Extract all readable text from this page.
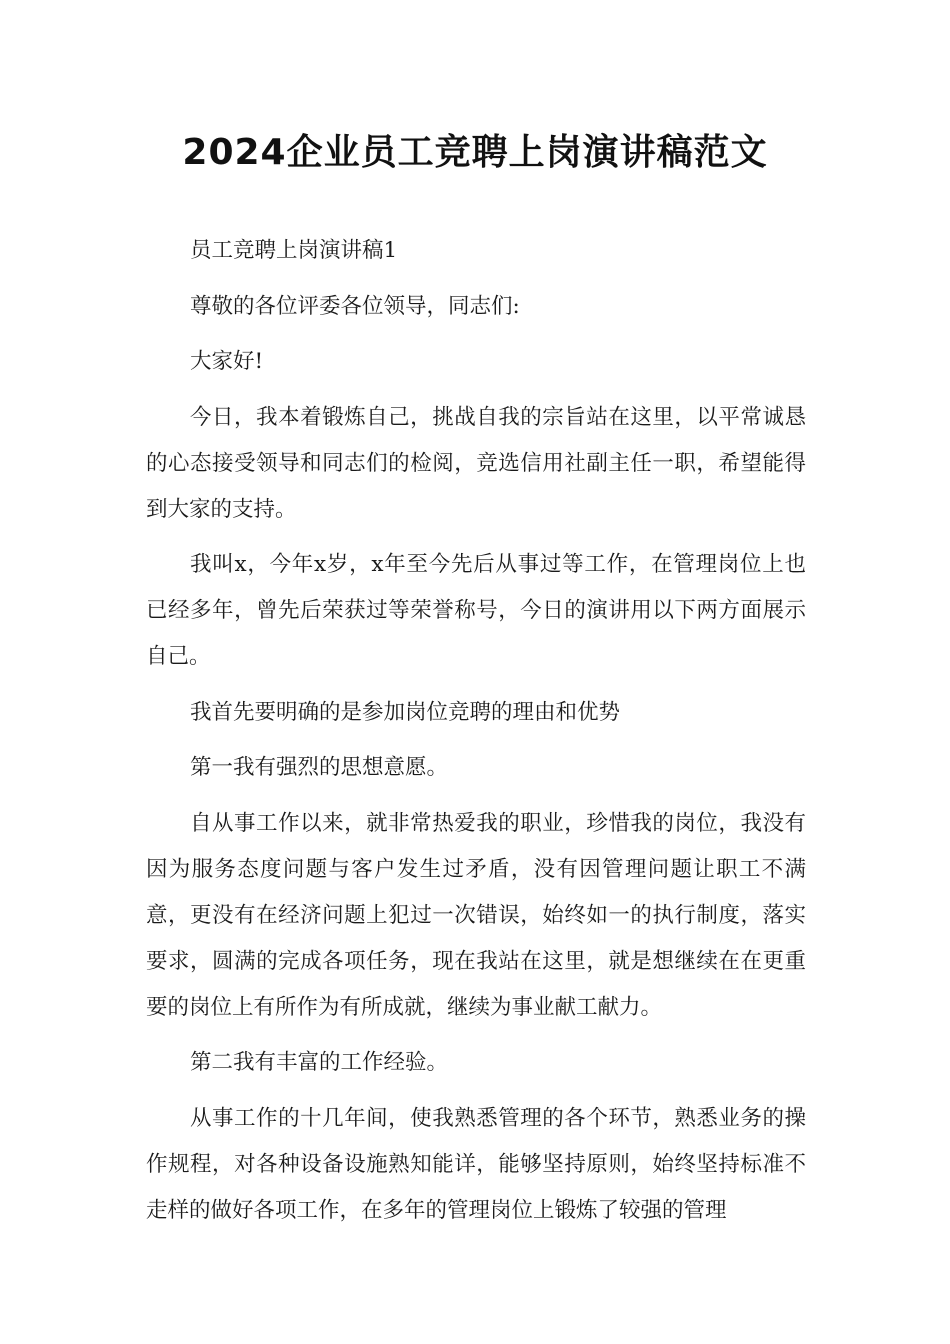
2024企业员工竞聘上岗演讲稿范文

员工竞聘上岗演讲稿1

尊敬的各位评委各位领导，同志们:

大家好!

今日，我本着锻炼自己，挑战自我的宗旨站在这里，以平常诚恳的心态接受领导和同志们的检阅，竞选信用社副主任一职，希望能得到大家的支持。

我叫x，今年x岁，x年至今先后从事过等工作，在管理岗位上也已经多年，曾先后荣获过等荣誉称号，今日的演讲用以下两方面展示自己。

我首先要明确的是参加岗位竞聘的理由和优势

第一我有强烈的思想意愿。

自从事工作以来，就非常热爱我的职业，珍惜我的岗位，我没有因为服务态度问题与客户发生过矛盾，没有因管理问题让职工不满意，更没有在经济问题上犯过一次错误，始终如一的执行制度，落实要求，圆满的完成各项任务，现在我站在这里，就是想继续在在更重要的岗位上有所作为有所成就，继续为事业献工献力。

第二我有丰富的工作经验。

从事工作的十几年间，使我熟悉管理的各个环节，熟悉业务的操作规程，对各种设备设施熟知能详，能够坚持原则，始终坚持标准不走样的做好各项工作，在多年的管理岗位上锻炼了较强的管理
